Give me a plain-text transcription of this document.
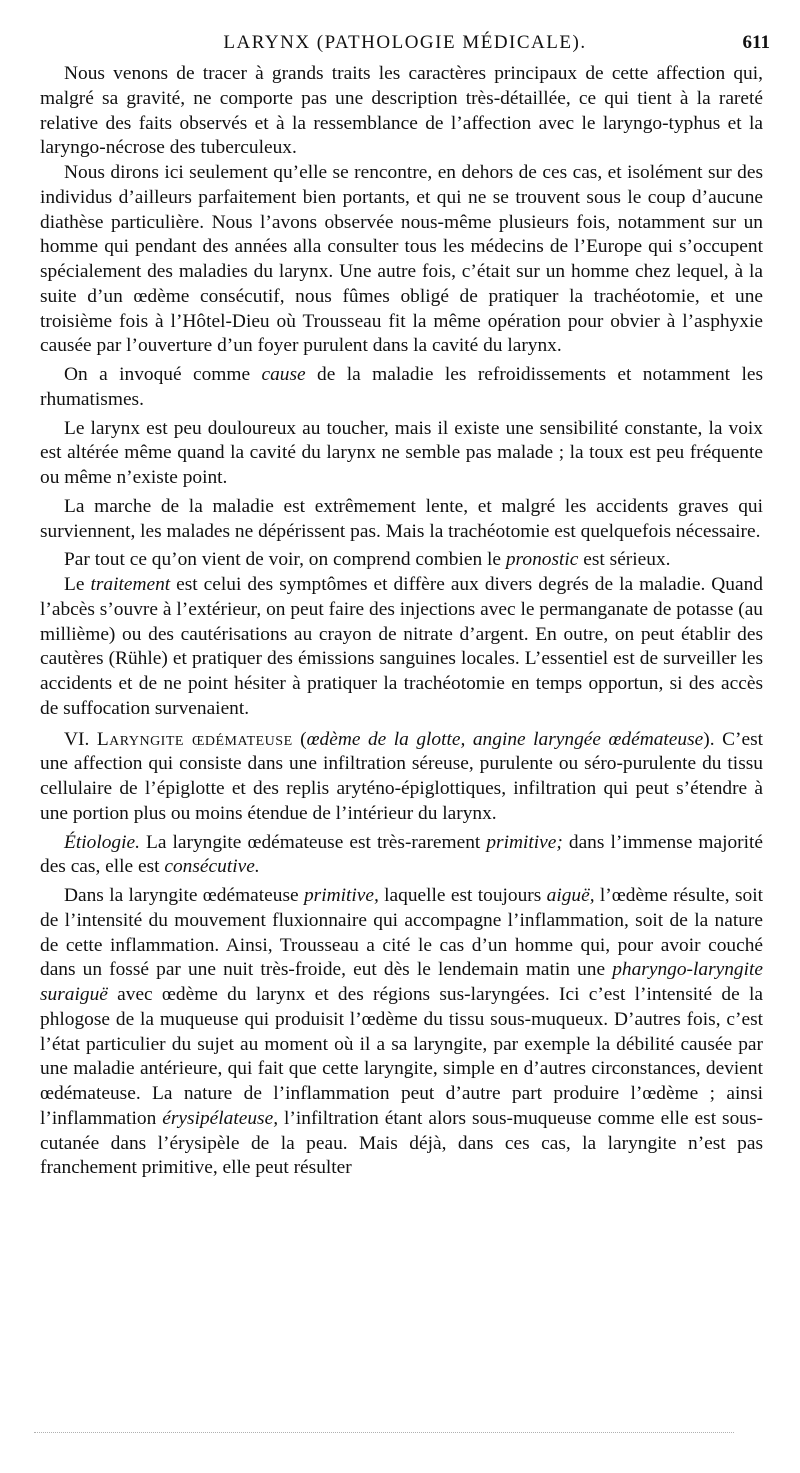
LARYNX (PATHOLOGIE MÉDICALE).	611

Nous venons de tracer à grands traits les caractères principaux de cette affection qui, malgré sa gravité, ne comporte pas une description très-détaillée, ce qui tient à la rareté relative des faits observés et à la ressemblance de l’affection avec le laryngo-typhus et la laryngo-nécrose des tuberculeux.

Nous dirons ici seulement qu’elle se rencontre, en dehors de ces cas, et isolément sur des individus d’ailleurs parfaitement bien portants, et qui ne se trouvent sous le coup d’aucune diathèse particulière. Nous l’avons observée nous-même plusieurs fois, notamment sur un homme qui pendant des années alla consulter tous les médecins de l’Europe qui s’occupent spécialement des maladies du larynx. Une autre fois, c’était sur un homme chez lequel, à la suite d’un œdème consécutif, nous fûmes obligé de pratiquer la trachéotomie, et une troisième fois à l’Hôtel-Dieu où Trousseau fit la même opération pour obvier à l’asphyxie causée par l’ouverture d’un foyer purulent dans la cavité du larynx.

On a invoqué comme cause de la maladie les refroidissements et notamment les rhumatismes.

Le larynx est peu douloureux au toucher, mais il existe une sensibilité constante, la voix est altérée même quand la cavité du larynx ne semble pas malade ; la toux est peu fréquente ou même n’existe point.

La marche de la maladie est extrêmement lente, et malgré les accidents graves qui surviennent, les malades ne dépérissent pas. Mais la trachéotomie est quelquefois nécessaire.

Par tout ce qu’on vient de voir, on comprend combien le pronostic est sérieux.

Le traitement est celui des symptômes et diffère aux divers degrés de la maladie. Quand l’abcès s’ouvre à l’extérieur, on peut faire des injections avec le permanganate de potasse (au millième) ou des cautérisations au crayon de nitrate d’argent. En outre, on peut établir des cautères (Rühle) et pratiquer des émissions sanguines locales. L’essentiel est de surveiller les accidents et de ne point hésiter à pratiquer la trachéotomie en temps opportun, si des accès de suffocation survenaient.

VI. Laryngite œdémateuse (œdème de la glotte, angine laryngée œdémateuse). C’est une affection qui consiste dans une infiltration séreuse, purulente ou séro-purulente du tissu cellulaire de l’épiglotte et des replis aryténo-épiglottiques, infiltration qui peut s’étendre à une portion plus ou moins étendue de l’intérieur du larynx.

Étiologie. La laryngite œdémateuse est très-rarement primitive; dans l’immense majorité des cas, elle est consécutive.

Dans la laryngite œdémateuse primitive, laquelle est toujours aiguë, l’œdème résulte, soit de l’intensité du mouvement fluxionnaire qui accompagne l’inflammation, soit de la nature de cette inflammation. Ainsi, Trousseau a cité le cas d’un homme qui, pour avoir couché dans un fossé par une nuit très-froide, eut dès le lendemain matin une pharyngo-laryngite suraiguë avec œdème du larynx et des régions sus-laryngées. Ici c’est l’intensité de la phlogose de la muqueuse qui produisit l’œdème du tissu sous-muqueux. D’autres fois, c’est l’état particulier du sujet au moment où il a sa laryngite, par exemple la débilité causée par une maladie antérieure, qui fait que cette laryngite, simple en d’autres circonstances, devient œdémateuse. La nature de l’inflammation peut d’autre part produire l’œdème ; ainsi l’inflammation érysipélateuse, l’infiltration étant alors sous-muqueuse comme elle est sous-cutanée dans l’érysipèle de la peau. Mais déjà, dans ces cas, la laryngite n’est pas franchement primitive, elle peut résulter
